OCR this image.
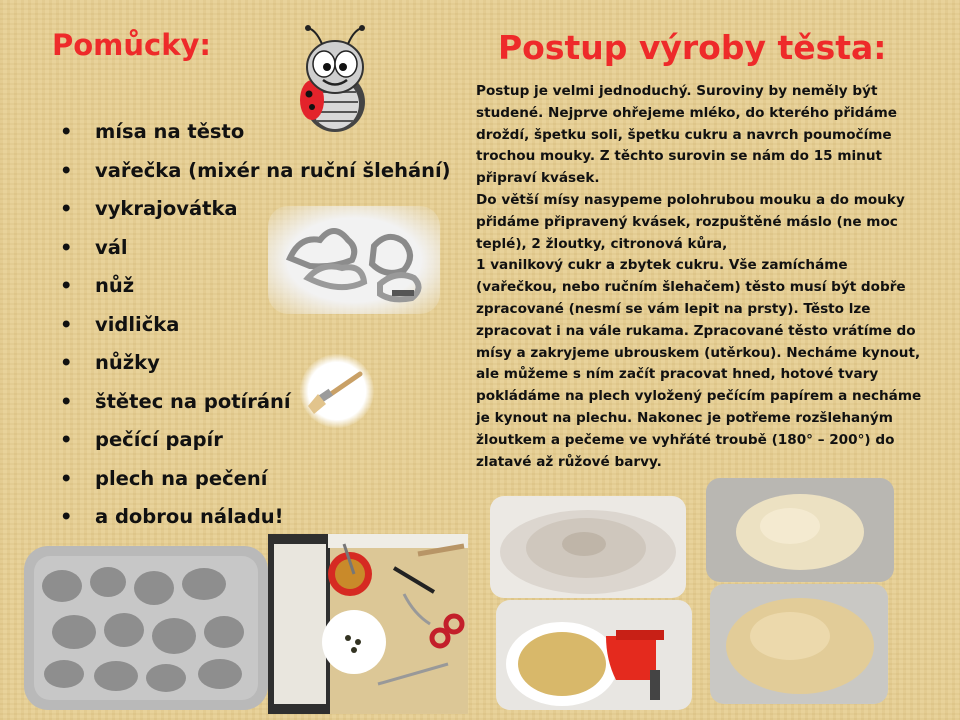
Pomůcky:	Postup výroby těsta:
• mísa na těsto
• vařečka (mixér na ruční šlehání)
• vykrajovátka
• vál
• nůž
• vidlička
• nůžky
• štětec na potírání
• pečící papír
• plech na pečení
• a dobrou náladu!
Postup je velmi jednoduchý. Suroviny by neměly být
studené. Nejprve ohřejeme mléko, do kterého přidáme
droždí, špetku soli, špetku cukru a navrch poumočíme
trochou mouky. Z těchto surovin se nám do 15 minut
připraví kvásek.
Do větší mísy nasypeme polohrubou mouku a do mouky
přidáme připravený kvásek, rozpuštěné máslo (ne moc
teplé), 2 žloutky, citronová kůra,
1 vanilkový cukr a zbytek cukru. Vše zamícháme
(vařečkou, nebo ručním šlehačem) těsto musí být dobře
zpracované (nesmí se vám lepit na prsty). Těsto lze
zpracovat i na vále rukama. Zpracované těsto vrátíme do
mísy a zakryjeme ubrouskem (utěrkou). Necháme kynout,
ale můžeme s ním začít pracovat hned, hotové tvary
pokládáme na plech vyložený pečícím papírem a necháme
je kynout na plechu. Nakonec je potřeme rozšlehaným
žloutkem a pečeme ve vyhřáté troubě (180° – 200°) do
zlatavé až růžové barvy.
